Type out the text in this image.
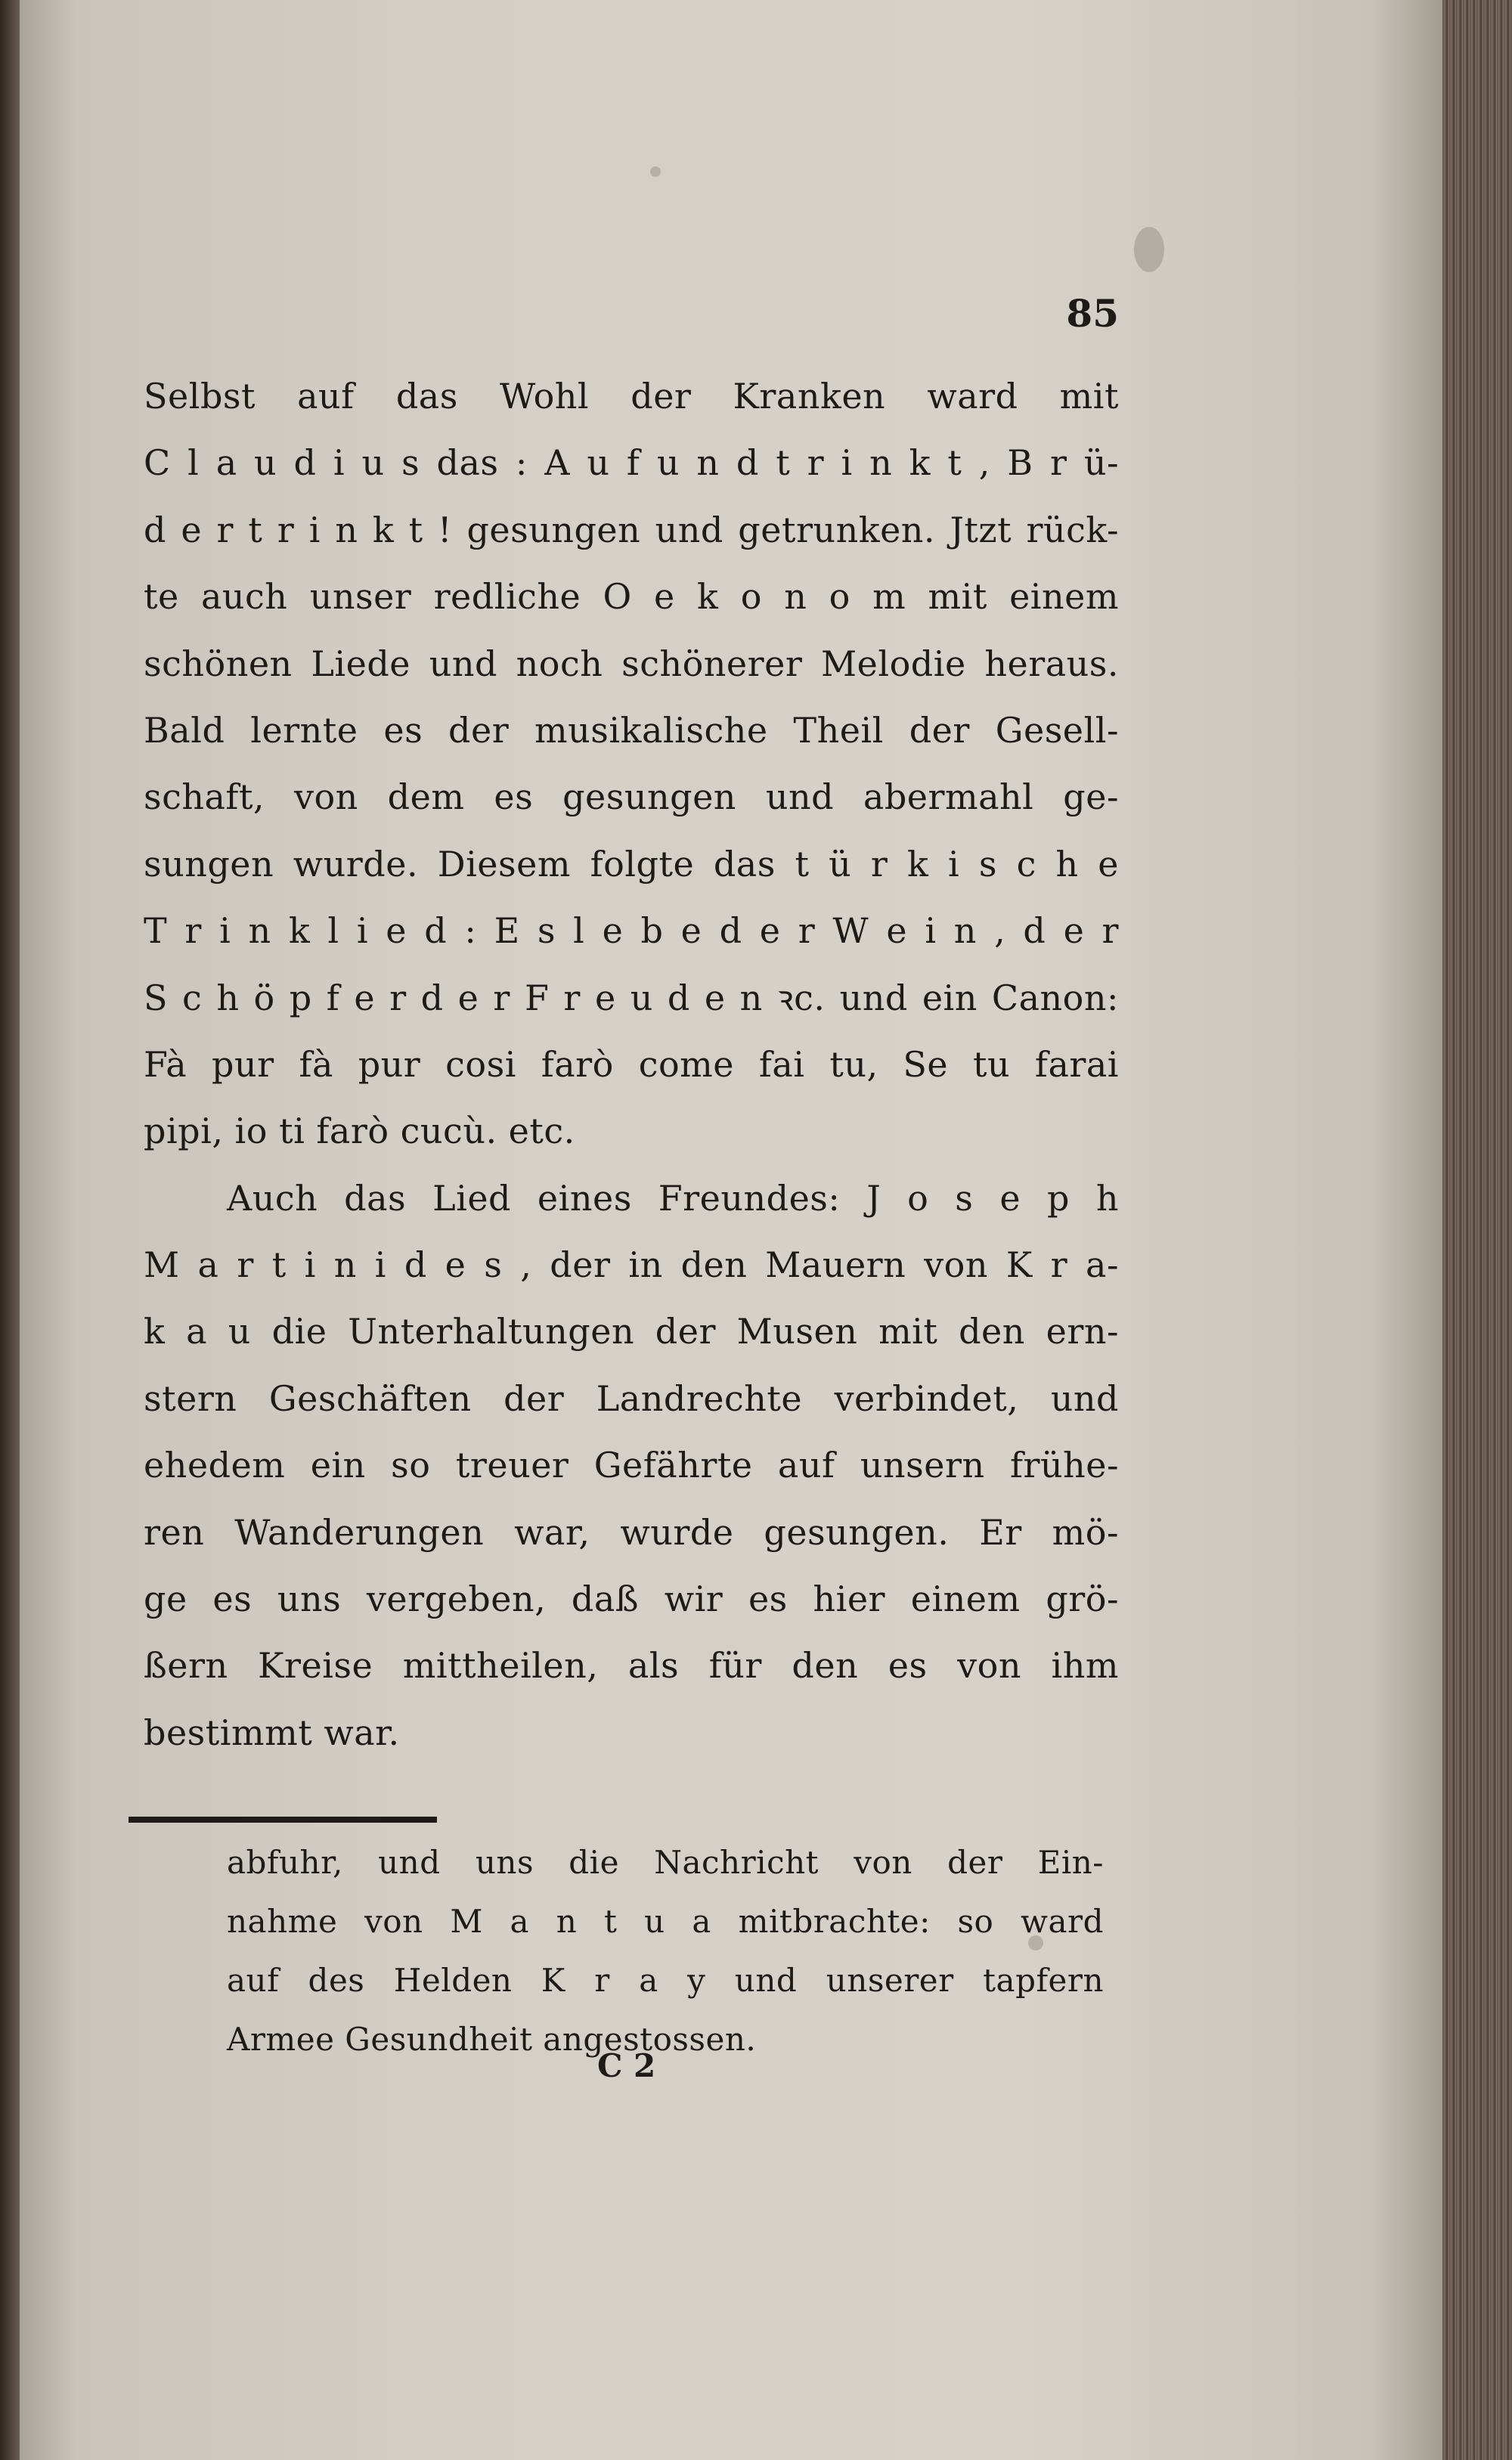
85
Selbst auf das Wohl der Kranken ward mit
C l a u d i u s das : A u f u n d t r i n k t , B r ü-
d e r t r i n k t ! gesungen und getrunken. Jtzt rück-
te auch unser redliche O e k o n o m mit einem
schönen Liede und noch schönerer Melodie heraus.
Bald lernte es der musikalische Theil der Gesell-
schaft, von dem es gesungen und abermahl ge-
sungen wurde. Diesem folgte das t ü r k i s c h e
T r i n k l i e d : E s l e b e d e r W e i n , d e r
S c h ö p f e r d e r F r e u d e n ꝛc. und ein Canon:
Fà pur fà pur cosi farò come fai tu, Se tu farai
pipi, io ti farò cucù. etc.
Auch das Lied eines Freundes: J o s e p h
M a r t i n i d e s , der in den Mauern von K r a-
k a u die Unterhaltungen der Musen mit den ern-
stern Geschäften der Landrechte verbindet, und
ehedem ein so treuer Gefährte auf unsern frühe-
ren Wanderungen war, wurde gesungen. Er mö-
ge es uns vergeben, daß wir es hier einem grö-
ßern Kreise mittheilen, als für den es von ihm
bestimmt war.
abfuhr, und uns die Nachricht von der Ein-
nahme von M a n t u a mitbrachte: so ward
auf des Helden K r a y und unserer tapfern
Armee Gesundheit angestossen.
C 2
